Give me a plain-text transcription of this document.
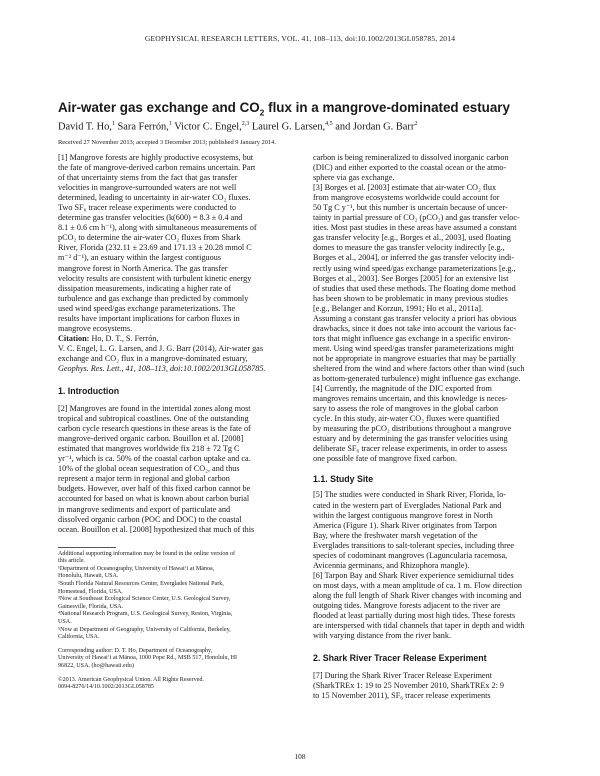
GEOPHYSICAL RESEARCH LETTERS, VOL. 41, 108–113, doi:10.1002/2013GL058785, 2014
Air-water gas exchange and $CO_2$ flux in a mangrove-dominated estuary
David T. Ho,$^1$ Sara Ferrón,$^1$ Victor C. Engel,$^{2,3}$ Laurel G. Larsen,$^{4,5}$ and Jordan G. Barr$^2$
Received 27 November 2013; accepted 3 December 2013; published 9 January 2014.
[1] Mangrove forests are highly productive ecosystems, but
the fate of mangrove-derived carbon remains uncertain. Part
of that uncertainty stems from the fact that gas transfer
velocities in mangrove-surrounded waters are not well
determined, leading to uncertainty in air-water CO₂ fluxes.
Two SF₆ tracer release experiments were conducted to
determine gas transfer velocities (k(600) = 8.3 ± 0.4 and
8.1 ± 0.6 cm h⁻¹), along with simultaneous measurements of
pCO₂ to determine the air-water CO₂ fluxes from Shark
River, Florida (232.11 ± 23.69 and 171.13 ± 20.28 mmol C
m⁻² d⁻¹), an estuary within the largest contiguous
mangrove forest in North America. The gas transfer
velocity results are consistent with turbulent kinetic energy
dissipation measurements, indicating a higher rate of
turbulence and gas exchange than predicted by commonly
used wind speed/gas exchange parameterizations. The
results have important implications for carbon fluxes in
mangrove ecosystems.
Citation: Ho, D. T., S. Ferrón,
V. C. Engel, L. G. Larsen, and J. G. Barr (2014), Air-water gas
exchange and CO₂ flux in a mangrove-dominated estuary,
Geophys. Res. Lett., 41, 108–113, doi:10.1002/2013GL058785.
1. Introduction
[2] Mangroves are found in the intertidal zones along most
tropical and subtropical coastlines. One of the outstanding
carbon cycle research questions in these areas is the fate of
mangrove-derived organic carbon. Bouillon et al. [2008]
estimated that mangroves worldwide fix 218 ± 72 Tg C
yr⁻¹, which is ca. 50% of the coastal carbon uptake and ca.
10% of the global ocean sequestration of CO₂, and thus
represent a major term in regional and global carbon
budgets. However, over half of this fixed carbon cannot be
accounted for based on what is known about carbon burial
in mangrove sediments and export of particulate and
dissolved organic carbon (POC and DOC) to the coastal
ocean. Bouillon et al. [2008] hypothesized that much of this
Additional supporting information may be found in the online version of
this article.
¹Department of Oceanography, University of Hawaiʻi at Mānoa,
Honolulu, Hawaii, USA.
²South Florida Natural Resources Center, Everglades National Park,
Homestead, Florida, USA.
³Now at Southeast Ecological Science Center, U.S. Geological Survey,
Gainesville, Florida, USA.
⁴National Research Program, U.S. Geological Survey, Reston, Virginia,
USA.
⁵Now at Department of Geography, University of California, Berkeley,
California, USA.
Corresponding author: D. T. Ho, Department of Oceanography,
University of Hawaiʻi at Mānoa, 1000 Pope Rd., MSB 517, Honolulu, HI
96822, USA. (ho@hawaii.edu)
©2013. American Geophysical Union. All Rights Reserved.
0094-8276/14/10.1002/2013GL058785
carbon is being remineralized to dissolved inorganic carbon
(DIC) and either exported to the coastal ocean or the atmo-
sphere via gas exchange.
[3] Borges et al. [2003] estimate that air-water CO₂ flux
from mangrove ecosystems worldwide could account for
50 Tg C y⁻¹, but this number is uncertain because of uncer-
tainty in partial pressure of CO₂ (pCO₂) and gas transfer veloc-
ities. Most past studies in these areas have assumed a constant
gas transfer velocity [e.g., Borges et al., 2003], used floating
domes to measure the gas transfer velocity indirectly [e.g.,
Borges et al., 2004], or inferred the gas transfer velocity indi-
rectly using wind speed/gas exchange parameterizations [e.g.,
Borges et al., 2003]. See Borges [2005] for an extensive list
of studies that used these methods. The floating dome method
has been shown to be problematic in many previous studies
[e.g., Belanger and Korzun, 1991; Ho et al., 2011a].
Assuming a constant gas transfer velocity a priori has obvious
drawbacks, since it does not take into account the various fac-
tors that might influence gas exchange in a specific environ-
ment. Using wind speed/gas transfer parameterizations might
not be appropriate in mangrove estuaries that may be partially
sheltered from the wind and where factors other than wind (such
as bottom-generated turbulence) might influence gas exchange.
[4] Currently, the magnitude of the DIC exported from
mangroves remains uncertain, and this knowledge is neces-
sary to assess the role of mangroves in the global carbon
cycle. In this study, air-water CO₂ fluxes were quantified
by measuring the pCO₂ distributions throughout a mangrove
estuary and by determining the gas transfer velocities using
deliberate SF₆ tracer release experiments, in order to assess
one possible fate of mangrove fixed carbon.
1.1. Study Site
[5] The studies were conducted in Shark River, Florida, lo-
cated in the western part of Everglades National Park and
within the largest contiguous mangrove forest in North
America (Figure 1). Shark River originates from Tarpon
Bay, where the freshwater marsh vegetation of the
Everglades transitions to salt-tolerant species, including three
species of codominant mangroves (Laguncularia racemosa,
Avicennia germinans, and Rhizophora mangle).
[6] Tarpon Bay and Shark River experience semidiurnal tides
on most days, with a mean amplitude of ca. 1 m. Flow direction
along the full length of Shark River changes with incoming and
outgoing tides. Mangrove forests adjacent to the river are
flooded at least partially during most high tides. These forests
are interspersed with tidal channels that taper in depth and width
with varying distance from the river bank.
2. Shark River Tracer Release Experiment
[7] During the Shark River Tracer Release Experiment
(SharkTREx 1: 19 to 25 November 2010, SharkTREx 2: 9
to 15 November 2011), SF₆ tracer release experiments
108
